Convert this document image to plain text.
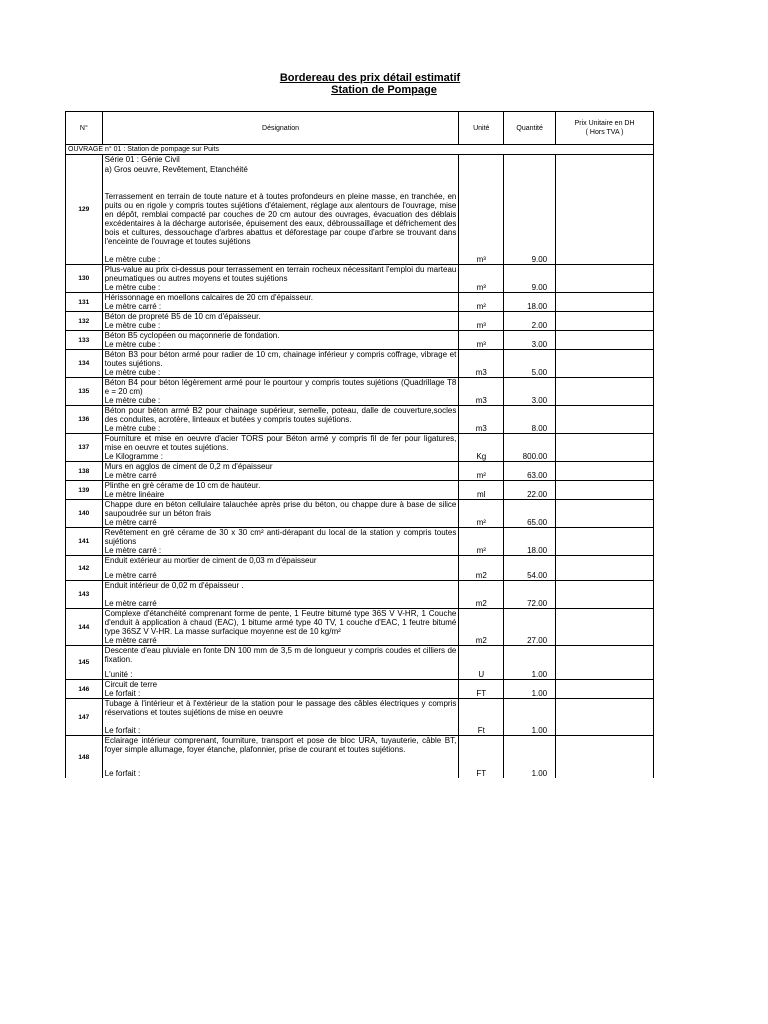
Bordereau des prix détail estimatif
Station de Pompage
N°	Désignation	Unité	Quantité	Prix Unitaire en DH
( Hors TVA )

OUVRAGE n° 01 : Station de pompage sur Puits				
129	Série 01 : Génie Civil
a) Gros oeuvre, Revêtement, Etanchéité
Terrassement en terrain de toute nature et à toutes profondeurs en pleine masse, en tranchée, en puits ou en rigole y compris toutes sujétions d'étaiement, réglage aux alentours de l'ouvrage, mise en dépôt, remblai compacté par couches de 20 cm autour des ouvrages, évacuation des déblais excédentaires à la décharge autorisée, épuisement des eaux, débroussaillage et défrichement des bois et cultures, dessouchage d'arbres abattus et déforestage par coupe d'arbre se trouvant dans l'enceinte de l'ouvrage et toutes sujétions
Le mètre cube :	m³	9.00	
130	Plus-value au prix ci-dessus pour terrassement en terrain rocheux nécessitant l'emploi du marteau pneumatiques ou autres moyens et toutes sujétions
Le mètre cube :	m³	9.00	
131	Hérissonnage en moellons calcaires de 20 cm d'épaisseur.
Le mètre carré :	m²	18.00	
132	Béton de propreté B5 de 10 cm d'épaisseur.
Le mètre cube :	m³	2.00	
133	Béton B5 cyclopéen ou maçonnerie de fondation.
Le mètre cube :	m³	3.00	
134	Béton B3 pour béton armé pour radier de 10 cm, chainage inférieur y compris coffrage, vibrage et toutes sujétions.
Le mètre cube :	m3	5.00	
135	Béton B4 pour béton légèrement armé pour le pourtour y compris toutes sujétions (Quadrillage T8 e = 20 cm)
Le mètre cube :	m3	3.00	
136	Béton pour béton armé B2 pour chainage supérieur, semelle, poteau, dalle de couverture,socles des conduites, acrotère, linteaux et butées y compris toutes sujétions.
Le mètre cube :	m3	8.00	
137	Fourniture et mise en oeuvre d'acier TORS pour Béton armé y compris fil de fer pour ligatures, mise en oeuvre et toutes sujétions.
Le Kilogramme :	Kg	800.00	
138	Murs en agglos de ciment de 0,2 m d'épaisseur
Le mètre carré	m²	63.00	
139	Plinthe en grè cérame de 10 cm de hauteur.
Le mètre linéaire	ml	22.00	
140	Chappe dure en béton cellulaire talauchée après prise du béton, ou chappe dure à base de silice saupoudrée sur un béton frais
Le mètre carré	m²	65.00	
141	Revêtement en grè cérame de 30 x 30 cm² anti-dérapant du local de la station y compris toutes sujétions
Le mètre carré :	m²	18.00	
142	Enduit extérieur au mortier de ciment de 0,03 m d'épaisseur
Le mètre carré	m2	54.00	
143	Enduit intérieur de 0,02 m d'épaisseur .
Le mètre carré	m2	72.00	
144	Complexe d'étanchéité comprenant forme de pente, 1 Feutre bitumé type 36S V V-HR, 1 Couche d'enduit à application à chaud (EAC), 1 bitume armé type 40 TV, 1 couche d'EAC, 1 feutre bitumé type 36SZ V V-HR. La masse surfacique moyenne est de 10 kg/m²
Le mètre carré	m2	27.00	
145	Descente d'eau pluviale en fonte DN 100 mm de 3,5 m de longueur y compris coudes et cilliers de fixation.
L'unité :	U	1.00	
146	Circuit de terre
Le forfait :	FT	1.00	
147	Tubage à l'intérieur et à l'extérieur de la station pour le passage des câbles électriques y compris réservations et toutes sujétions de mise en oeuvre
Le forfait :	Ft	1.00	
148	Eclairage intérieur comprenant, fourniture, transport et pose de bloc URA, tuyauterie, câble BT, foyer simple allumage, foyer étanche, plafonnier, prise de courant et toutes sujétions.
Le forfait :	FT	1.00	
